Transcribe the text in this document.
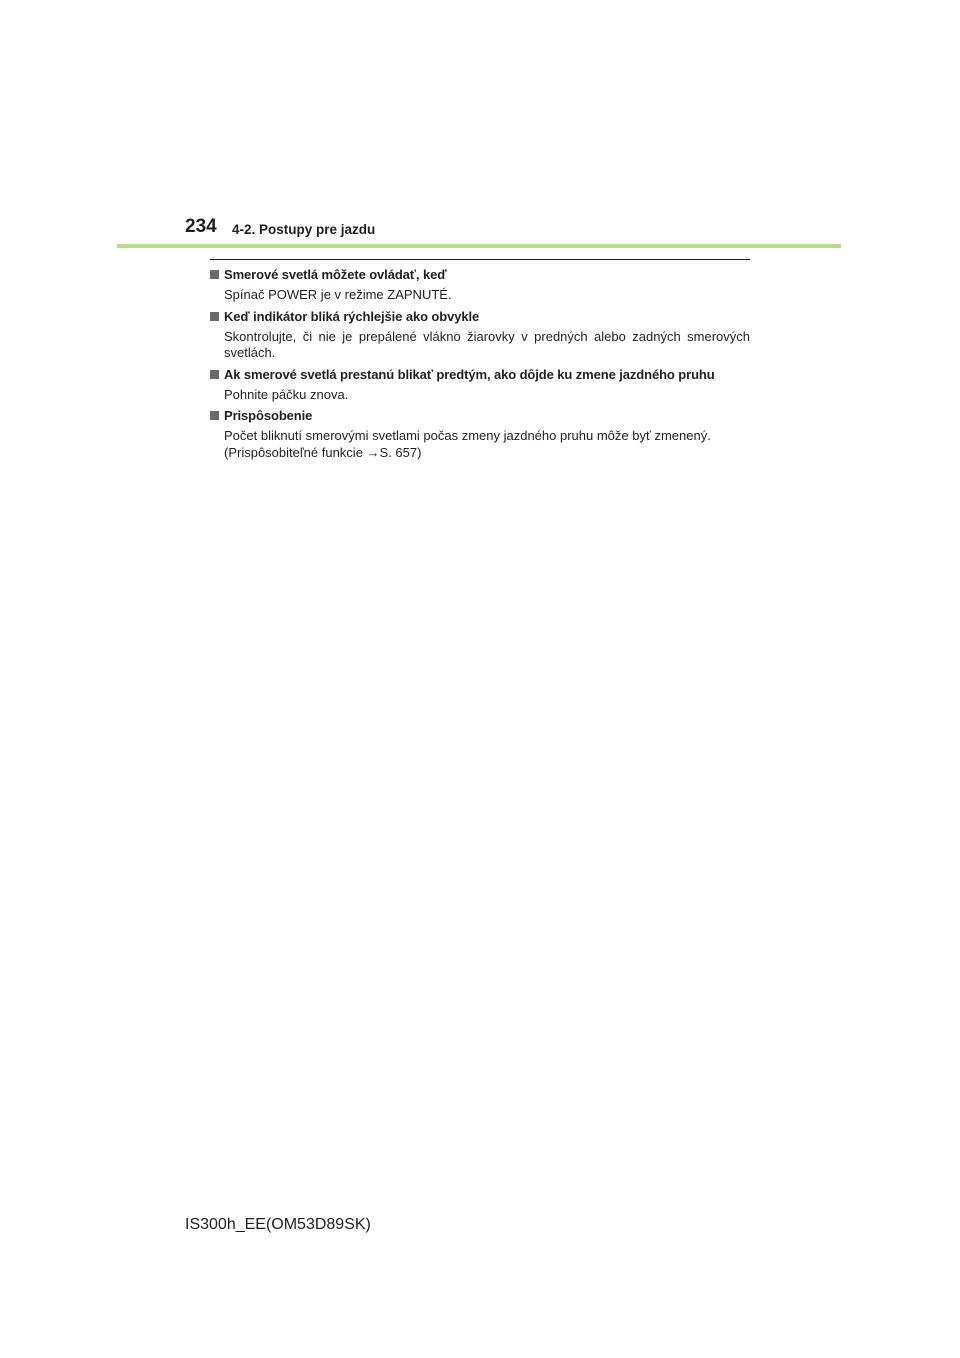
234 4-2. Postupy pre jazdu
Smerové svetlá môžete ovládať, keď
Spínač POWER je v režime ZAPNUTÉ.
Keď indikátor bliká rýchlejšie ako obvykle
Skontrolujte, či nie je prepálené vlákno žiarovky v predných alebo zadných smerových svetlách.
Ak smerové svetlá prestanú blikať predtým, ako dôjde ku zmene jazdného pruhu
Pohnite páčku znova.
Prispôsobenie
Počet bliknutí smerovými svetlami počas zmeny jazdného pruhu môže byť zmenený.
(Prispôsobiteľné funkcie →S. 657)
IS300h_EE(OM53D89SK)
